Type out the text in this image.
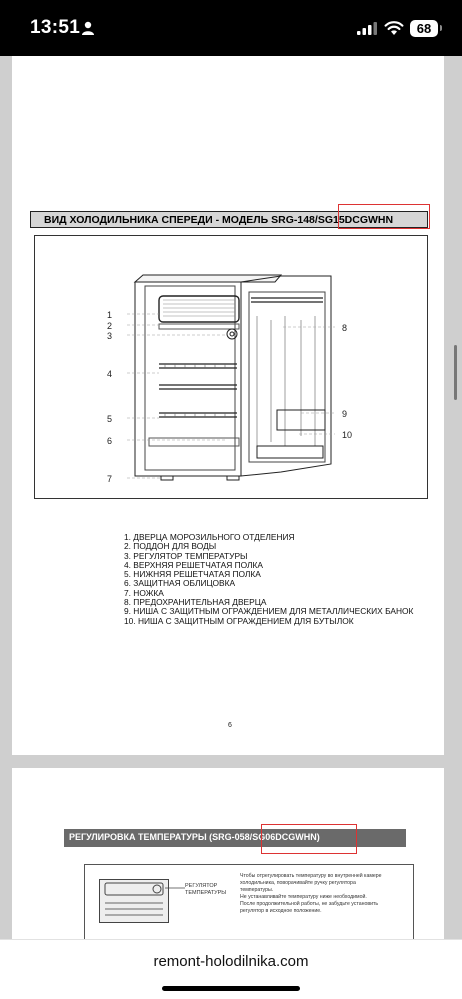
13:51	68
ВИД ХОЛОДИЛЬНИКА СПЕРЕДИ - МОДЕЛЬ SRG-148/SG15DCGWHN
1
2
3
4
5
6
7
8
9
10
1. ДВЕРЦА МОРОЗИЛЬНОГО ОТДЕЛЕНИЯ
2. ПОДДОН ДЛЯ ВОДЫ
3. РЕГУЛЯТОР ТЕМПЕРАТУРЫ
4. ВЕРХНЯЯ РЕШЕТЧАТАЯ ПОЛКА
5. НИЖНЯЯ РЕШЕТЧАТАЯ ПОЛКА
6. ЗАЩИТНАЯ ОБЛИЦОВКА
7. НОЖКА
8. ПРЕДОХРАНИТЕЛЬНАЯ ДВЕРЦА
9. НИША С ЗАЩИТНЫМ ОГРАЖДЕНИЕМ ДЛЯ МЕТАЛЛИЧЕСКИХ БАНОК
10. НИША С ЗАЩИТНЫМ ОГРАЖДЕНИЕМ ДЛЯ БУТЫЛОК
6
РЕГУЛИРОВКА ТЕМПЕРАТУРЫ (SRG-058/SG06DCGWHN)
РЕГУЛЯТОР
ТЕМПЕРАТУРЫ
Чтобы отрегулировать температуру во внутренней камере
холодильника, поворачивайте ручку регулятора
температуры.
Не устанавливайте температуру ниже необходимой.
После продолжительной работы, не забудьте установить
регулятор в исходное положение.
remont-holodilnika.com
